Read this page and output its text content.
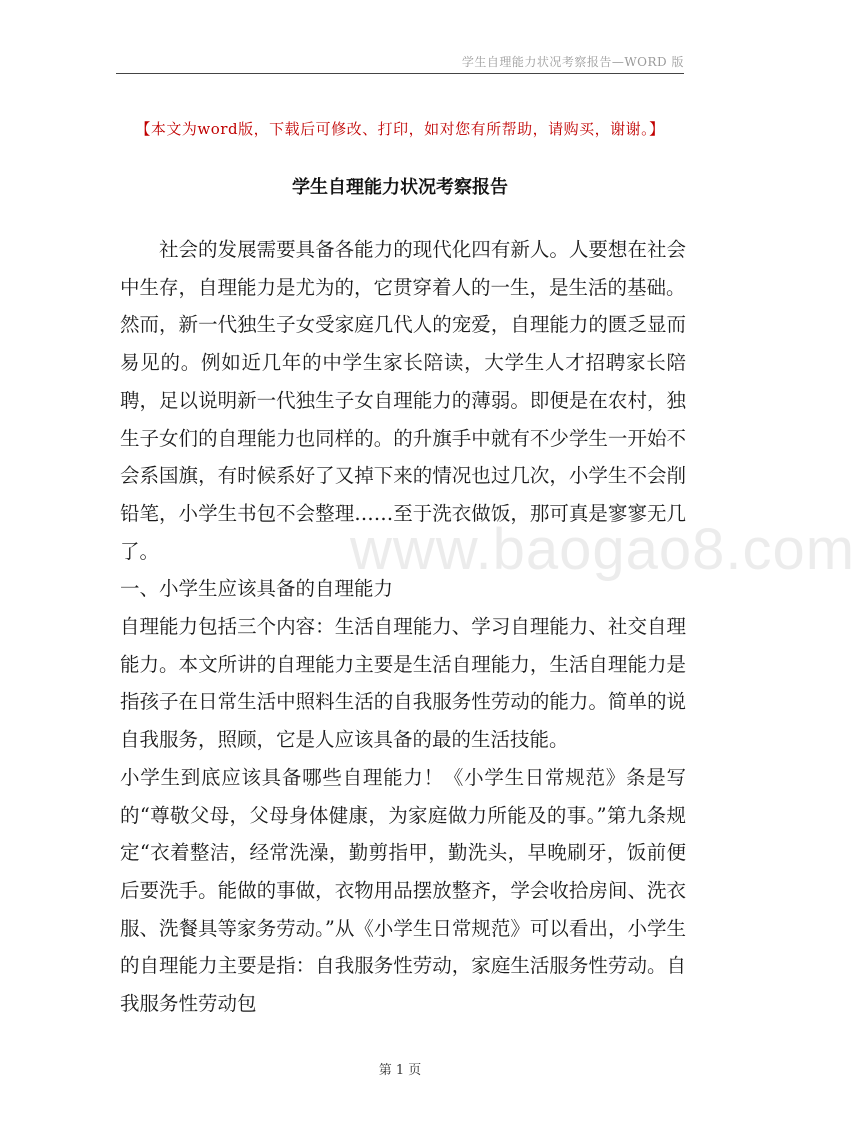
学生自理能力状况考察报告—WORD 版
【本文为word版，下载后可修改、打印，如对您有所帮助，请购买，谢谢。】
学生自理能力状况考察报告
www.baogao8.com

社会的发展需要具备各能力的现代化四有新人。人要想在社会中生存，自理能力是尤为的，它贯穿着人的一生，是生活的基础。

然而，新一代独生子女受家庭几代人的宠爱，自理能力的匮乏显而易见的。例如近几年的中学生家长陪读，大学生人才招聘家长陪聘，足以说明新一代独生子女自理能力的薄弱。即便是在农村，独生子女们的自理能力也同样的。的升旗手中就有不少学生一开始不会系国旗，有时候系好了又掉下来的情况也过几次，小学生不会削铅笔，小学生书包不会整理……至于洗衣做饭，那可真是寥寥无几了。

一、小学生应该具备的自理能力

自理能力包括三个内容：生活自理能力、学习自理能力、社交自理能力。本文所讲的自理能力主要是生活自理能力，生活自理能力是指孩子在日常生活中照料生活的自我服务性劳动的能力。简单的说自我服务，照顾，它是人应该具备的最的生活技能。

小学生到底应该具备哪些自理能力！《小学生日常规范》条是写的“尊敬父母，父母身体健康，为家庭做力所能及的事。”第九条规定“衣着整洁，经常洗澡，勤剪指甲，勤洗头，早晚刷牙，饭前便后要洗手。能做的事做，衣物用品摆放整齐，学会收拾房间、洗衣服、洗餐具等家务劳动。”从《小学生日常规范》可以看出，小学生的自理能力主要是指：自我服务性劳动，家庭生活服务性劳动。自我服务性劳动包

第 1 页
